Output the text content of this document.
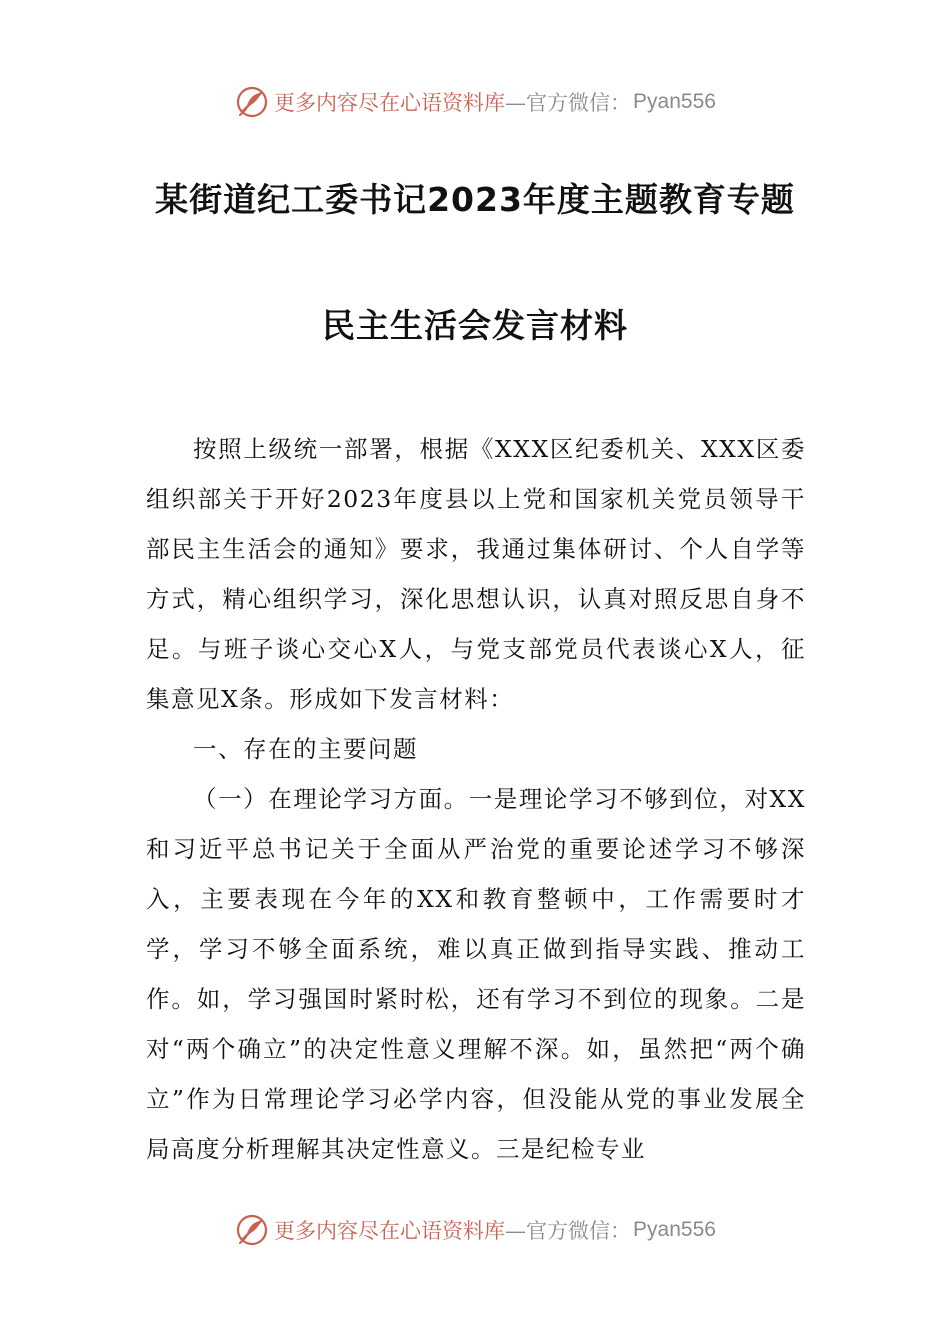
更多内容尽在心语资料库 —官方微信： Pyan556
某街道纪工委书记2023年度主题教育专题
民主生活会发言材料

按照上级统一部署，根据《XXX区纪委机关、XXX区委组织部关于开好2023年度县以上党和国家机关党员领导干部民主生活会的通知》要求，我通过集体研讨、个人自学等方式，精心组织学习，深化思想认识，认真对照反思自身不足。与班子谈心交心X人，与党支部党员代表谈心X人，征集意见X条。形成如下发言材料：

一、存在的主要问题

（一）在理论学习方面。一是理论学习不够到位，对XX和习近平总书记关于全面从严治党的重要论述学习不够深入，主要表现在今年的XX和教育整顿中，工作需要时才学，学习不够全面系统，难以真正做到指导实践、推动工作。如，学习强国时紧时松，还有学习不到位的现象。二是对“两个确立”的决定性意义理解不深。如，虽然把“两个确立”作为日常理论学习必学内容，但没能从党的事业发展全局高度分析理解其决定性意义。三是纪检专业

更多内容尽在心语资料库 —官方微信： Pyan556
